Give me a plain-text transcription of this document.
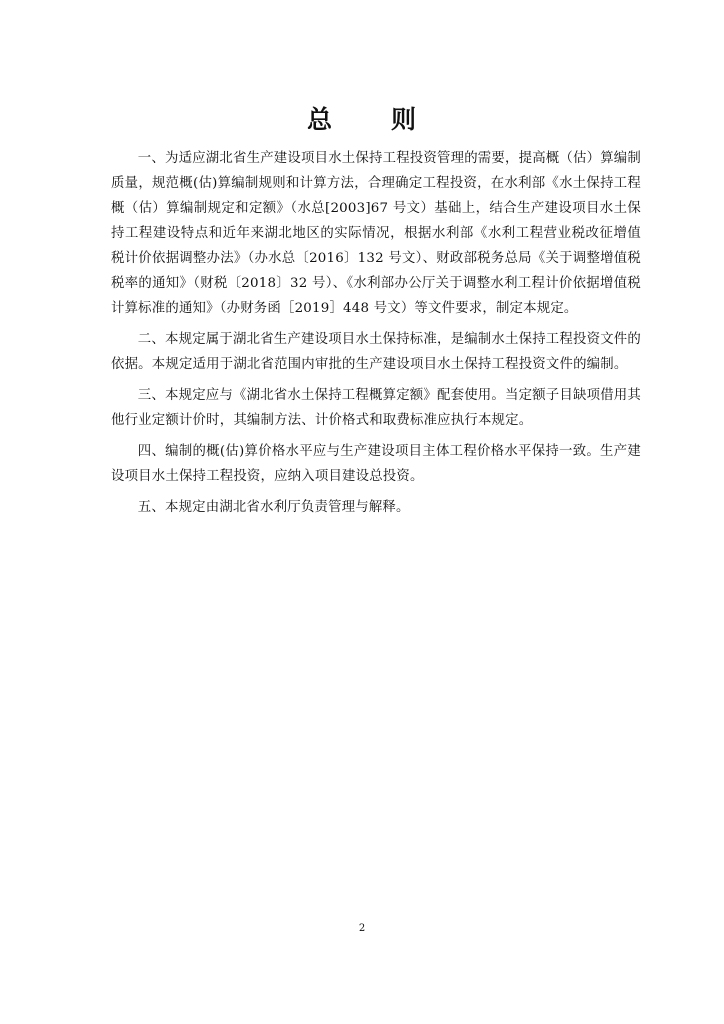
总 则

一、为适应湖北省生产建设项目水土保持工程投资管理的需要，提高概（估）算编制质量，规范概(估)算编制规则和计算方法，合理确定工程投资，在水利部《水土保持工程概（估）算编制规定和定额》（水总[2003]67 号文）基础上，结合生产建设项目水土保持工程建设特点和近年来湖北地区的实际情况，根据水利部《水利工程营业税改征增值税计价依据调整办法》（办水总〔2016〕132 号文）、财政部税务总局《关于调整增值税税率的通知》（财税〔2018〕32 号）、《水利部办公厅关于调整水利工程计价依据增值税计算标准的通知》（办财务函［2019］448 号文）等文件要求，制定本规定。

二、本规定属于湖北省生产建设项目水土保持标准，是编制水土保持工程投资文件的依据。本规定适用于湖北省范围内审批的生产建设项目水土保持工程投资文件的编制。

三、本规定应与《湖北省水土保持工程概算定额》配套使用。当定额子目缺项借用其他行业定额计价时，其编制方法、计价格式和取费标准应执行本规定。

四、编制的概(估)算价格水平应与生产建设项目主体工程价格水平保持一致。生产建设项目水土保持工程投资，应纳入项目建设总投资。

五、本规定由湖北省水利厅负责管理与解释。

2
